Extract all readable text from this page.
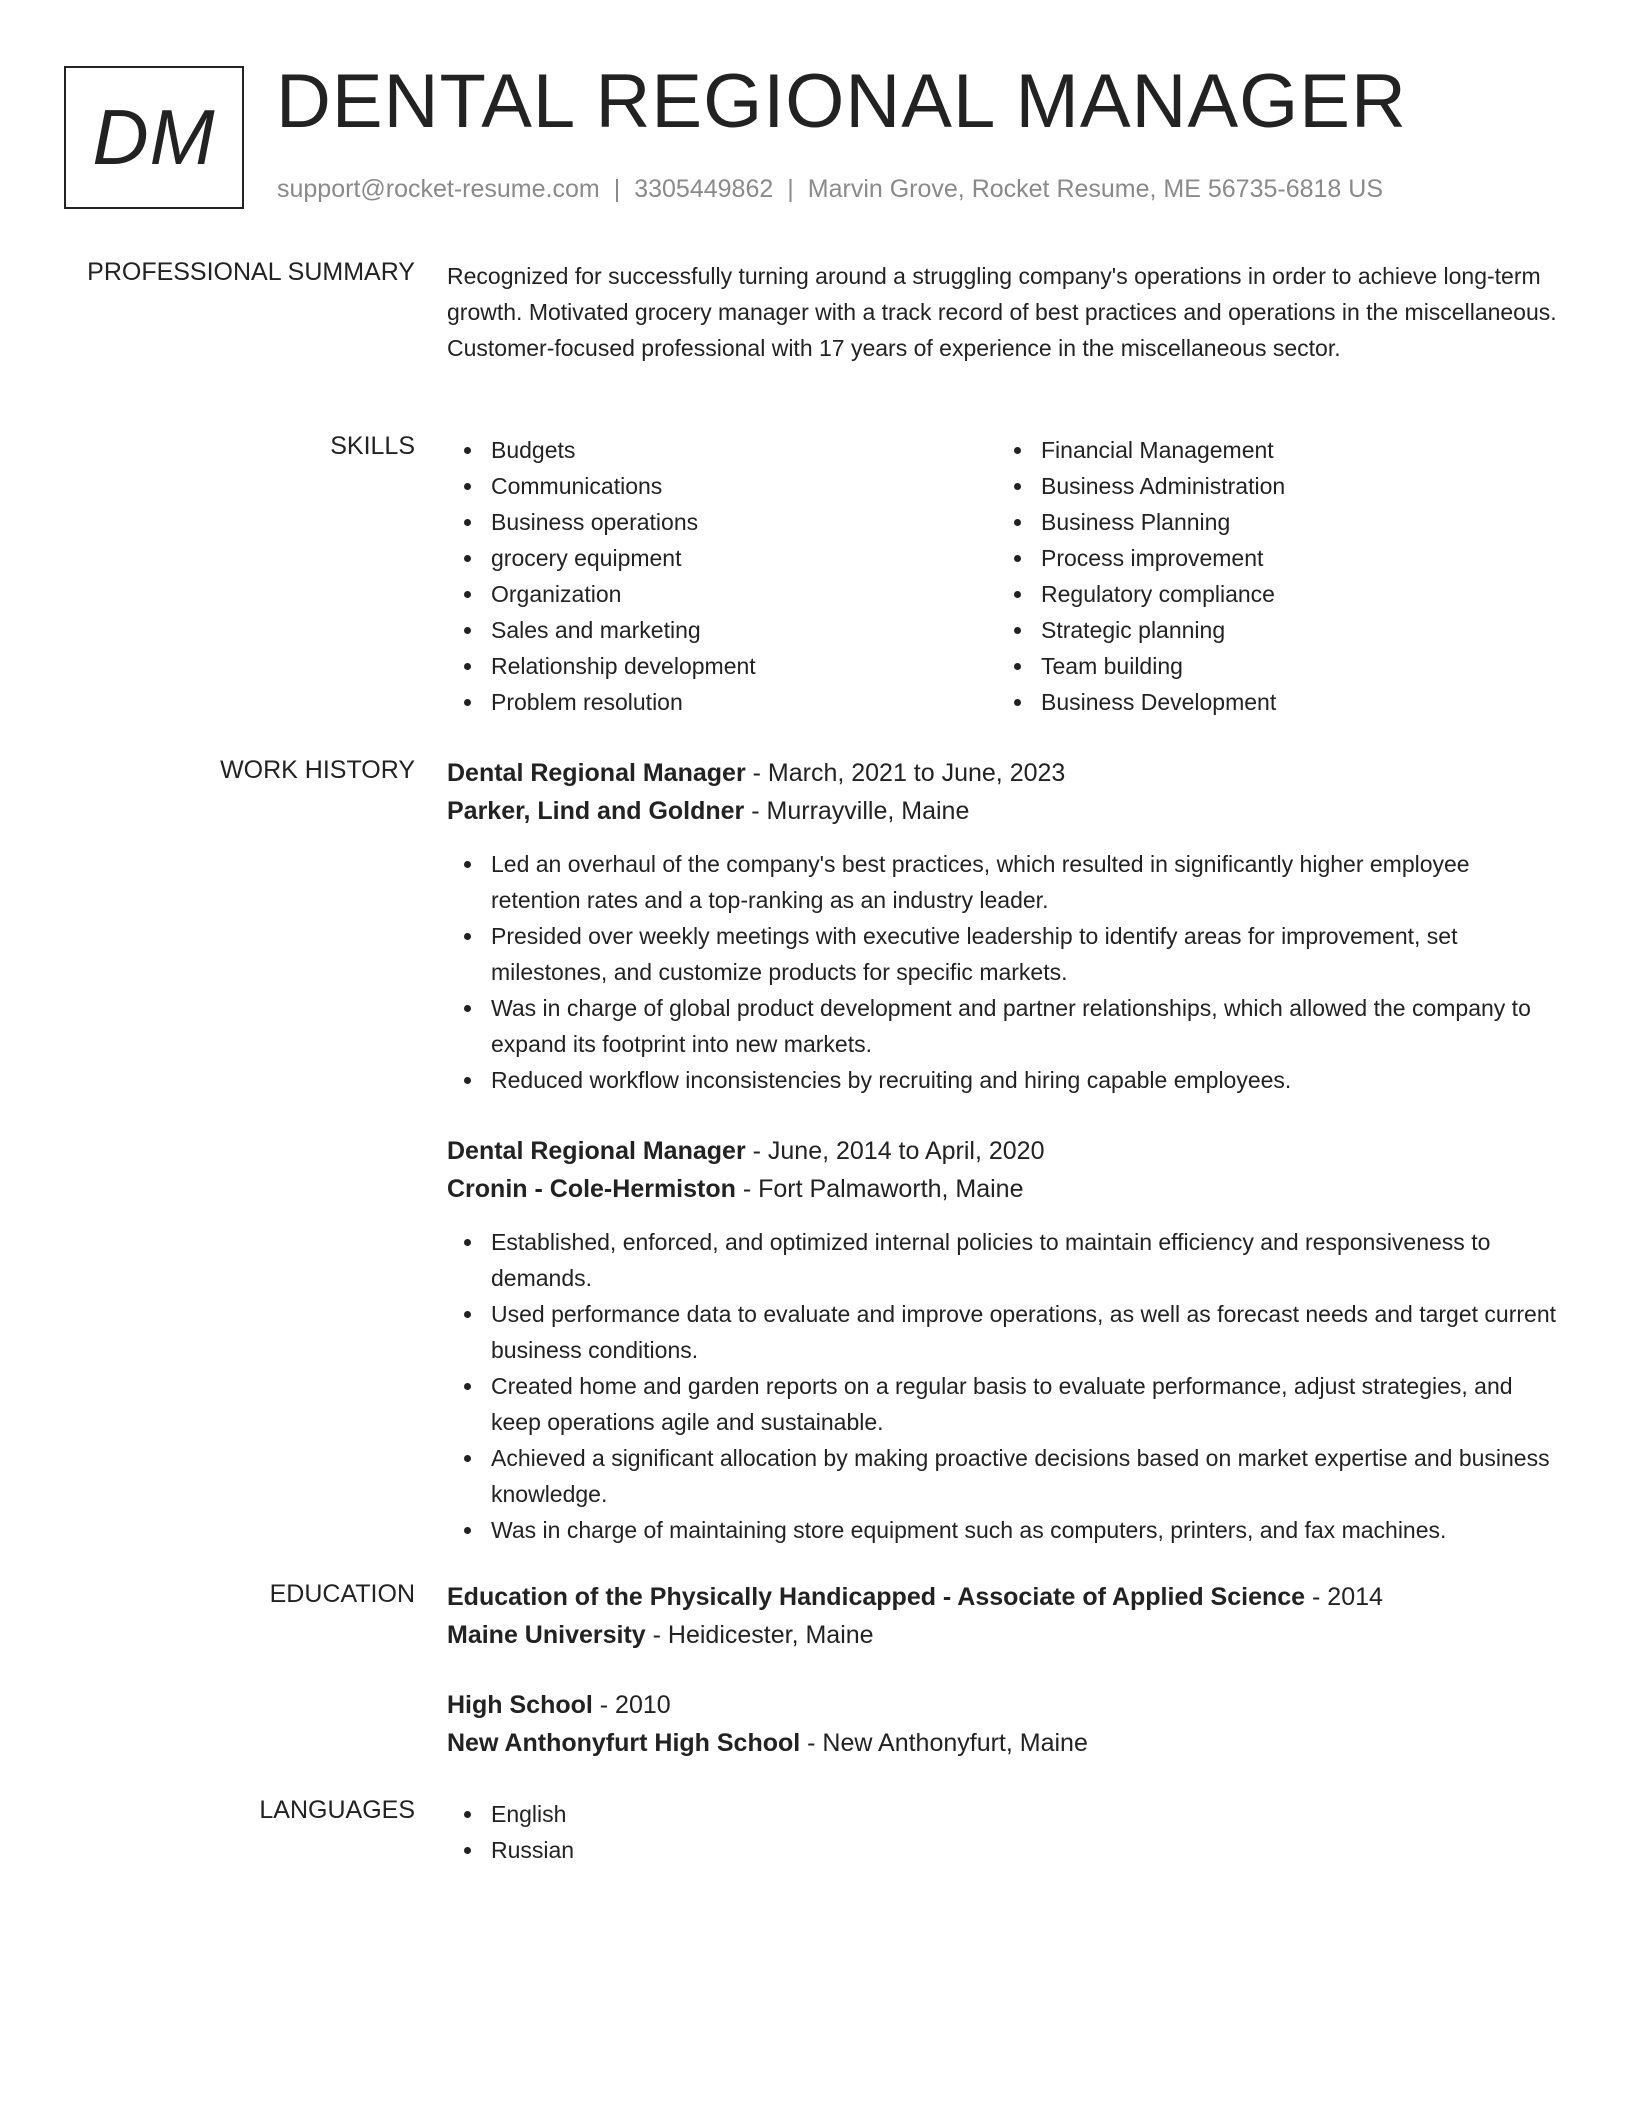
DM DENTAL REGIONAL MANAGER
support@rocket-resume.com | 3305449862 | Marvin Grove, Rocket Resume, ME 56735-6818 US
PROFESSIONAL SUMMARY Recognized for successfully turning around a struggling company's operations in order to achieve long-term growth. Motivated grocery manager with a track record of best practices and operations in the miscellaneous. Customer-focused professional with 17 years of experience in the miscellaneous sector.
SKILLS	Budgets
Communications
Business operations
grocery equipment
Organization
Sales and marketing
Relationship development
Problem resolution
Financial Management
Business Administration
Business Planning
Process improvement
Regulatory compliance
Strategic planning
Team building
Business Development
WORK HISTORY Dental Regional Manager - March, 2021 to June, 2023
Parker, Lind and Goldner - Murrayville, Maine
Led an overhaul of the company's best practices, which resulted in significantly higher employee retention rates and a top-ranking as an industry leader.
Presided over weekly meetings with executive leadership to identify areas for improvement, set milestones, and customize products for specific markets.
Was in charge of global product development and partner relationships, which allowed the company to expand its footprint into new markets.
Reduced workflow inconsistencies by recruiting and hiring capable employees.
Dental Regional Manager - June, 2014 to April, 2020
Cronin - Cole-Hermiston - Fort Palmaworth, Maine
Established, enforced, and optimized internal policies to maintain efficiency and responsiveness to demands.
Used performance data to evaluate and improve operations, as well as forecast needs and target current business conditions.
Created home and garden reports on a regular basis to evaluate performance, adjust strategies, and keep operations agile and sustainable.
Achieved a significant allocation by making proactive decisions based on market expertise and business knowledge.
Was in charge of maintaining store equipment such as computers, printers, and fax machines.
EDUCATION Education of the Physically Handicapped - Associate of Applied Science - 2014
Maine University - Heidicester, Maine
High School - 2010
New Anthonyfurt High School - New Anthonyfurt, Maine
LANGUAGES	English
Russian
